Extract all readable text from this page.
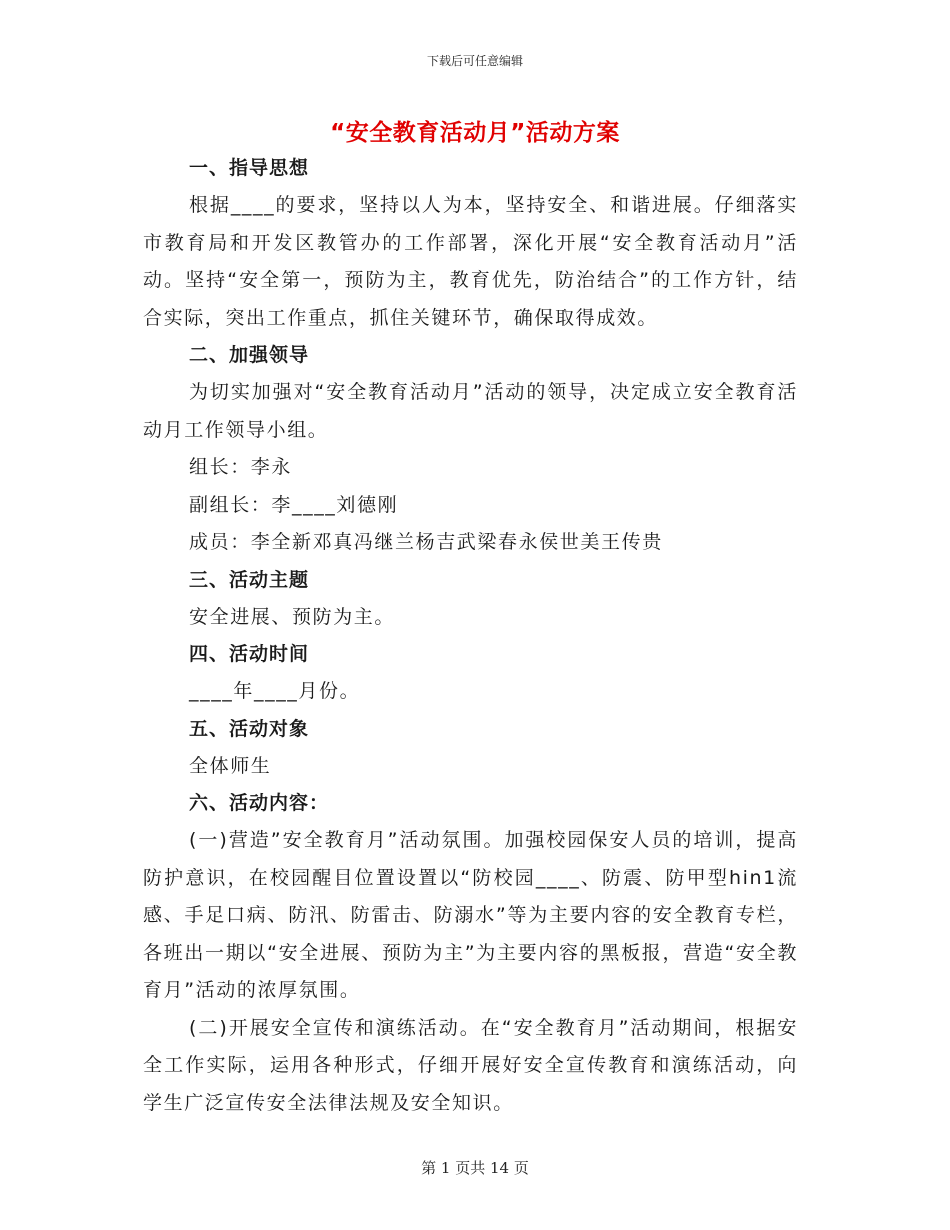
下载后可任意编辑
“安全教育活动月”活动方案
一、指导思想

根据____的要求，坚持以人为本，坚持安全、和谐进展。仔细落实市教育局和开发区教管办的工作部署，深化开展“安全教育活动月”活动。坚持“安全第一，预防为主，教育优先，防治结合”的工作方针，结合实际，突出工作重点，抓住关键环节，确保取得成效。

二、加强领导

为切实加强对“安全教育活动月”活动的领导，决定成立安全教育活动月工作领导小组。

组长：李永
副组长：李____刘德刚
成员：李全新邓真冯继兰杨吉武梁春永侯世美王传贵
三、活动主题
安全进展、预防为主。
四、活动时间
____年____月份。
五、活动对象
全体师生
六、活动内容：

(一)营造”安全教育月”活动氛围。加强校园保安人员的培训，提高防护意识，在校园醒目位置设置以“防校园____、防震、防甲型hin1流感、手足口病、防汛、防雷击、防溺水”等为主要内容的安全教育专栏，各班出一期以“安全进展、预防为主”为主要内容的黑板报，营造“安全教育月”活动的浓厚氛围。

(二)开展安全宣传和演练活动。在“安全教育月”活动期间，根据安全工作实际，运用各种形式，仔细开展好安全宣传教育和演练活动，向学生广泛宣传安全法律法规及安全知识。

第 1 页共 14 页
